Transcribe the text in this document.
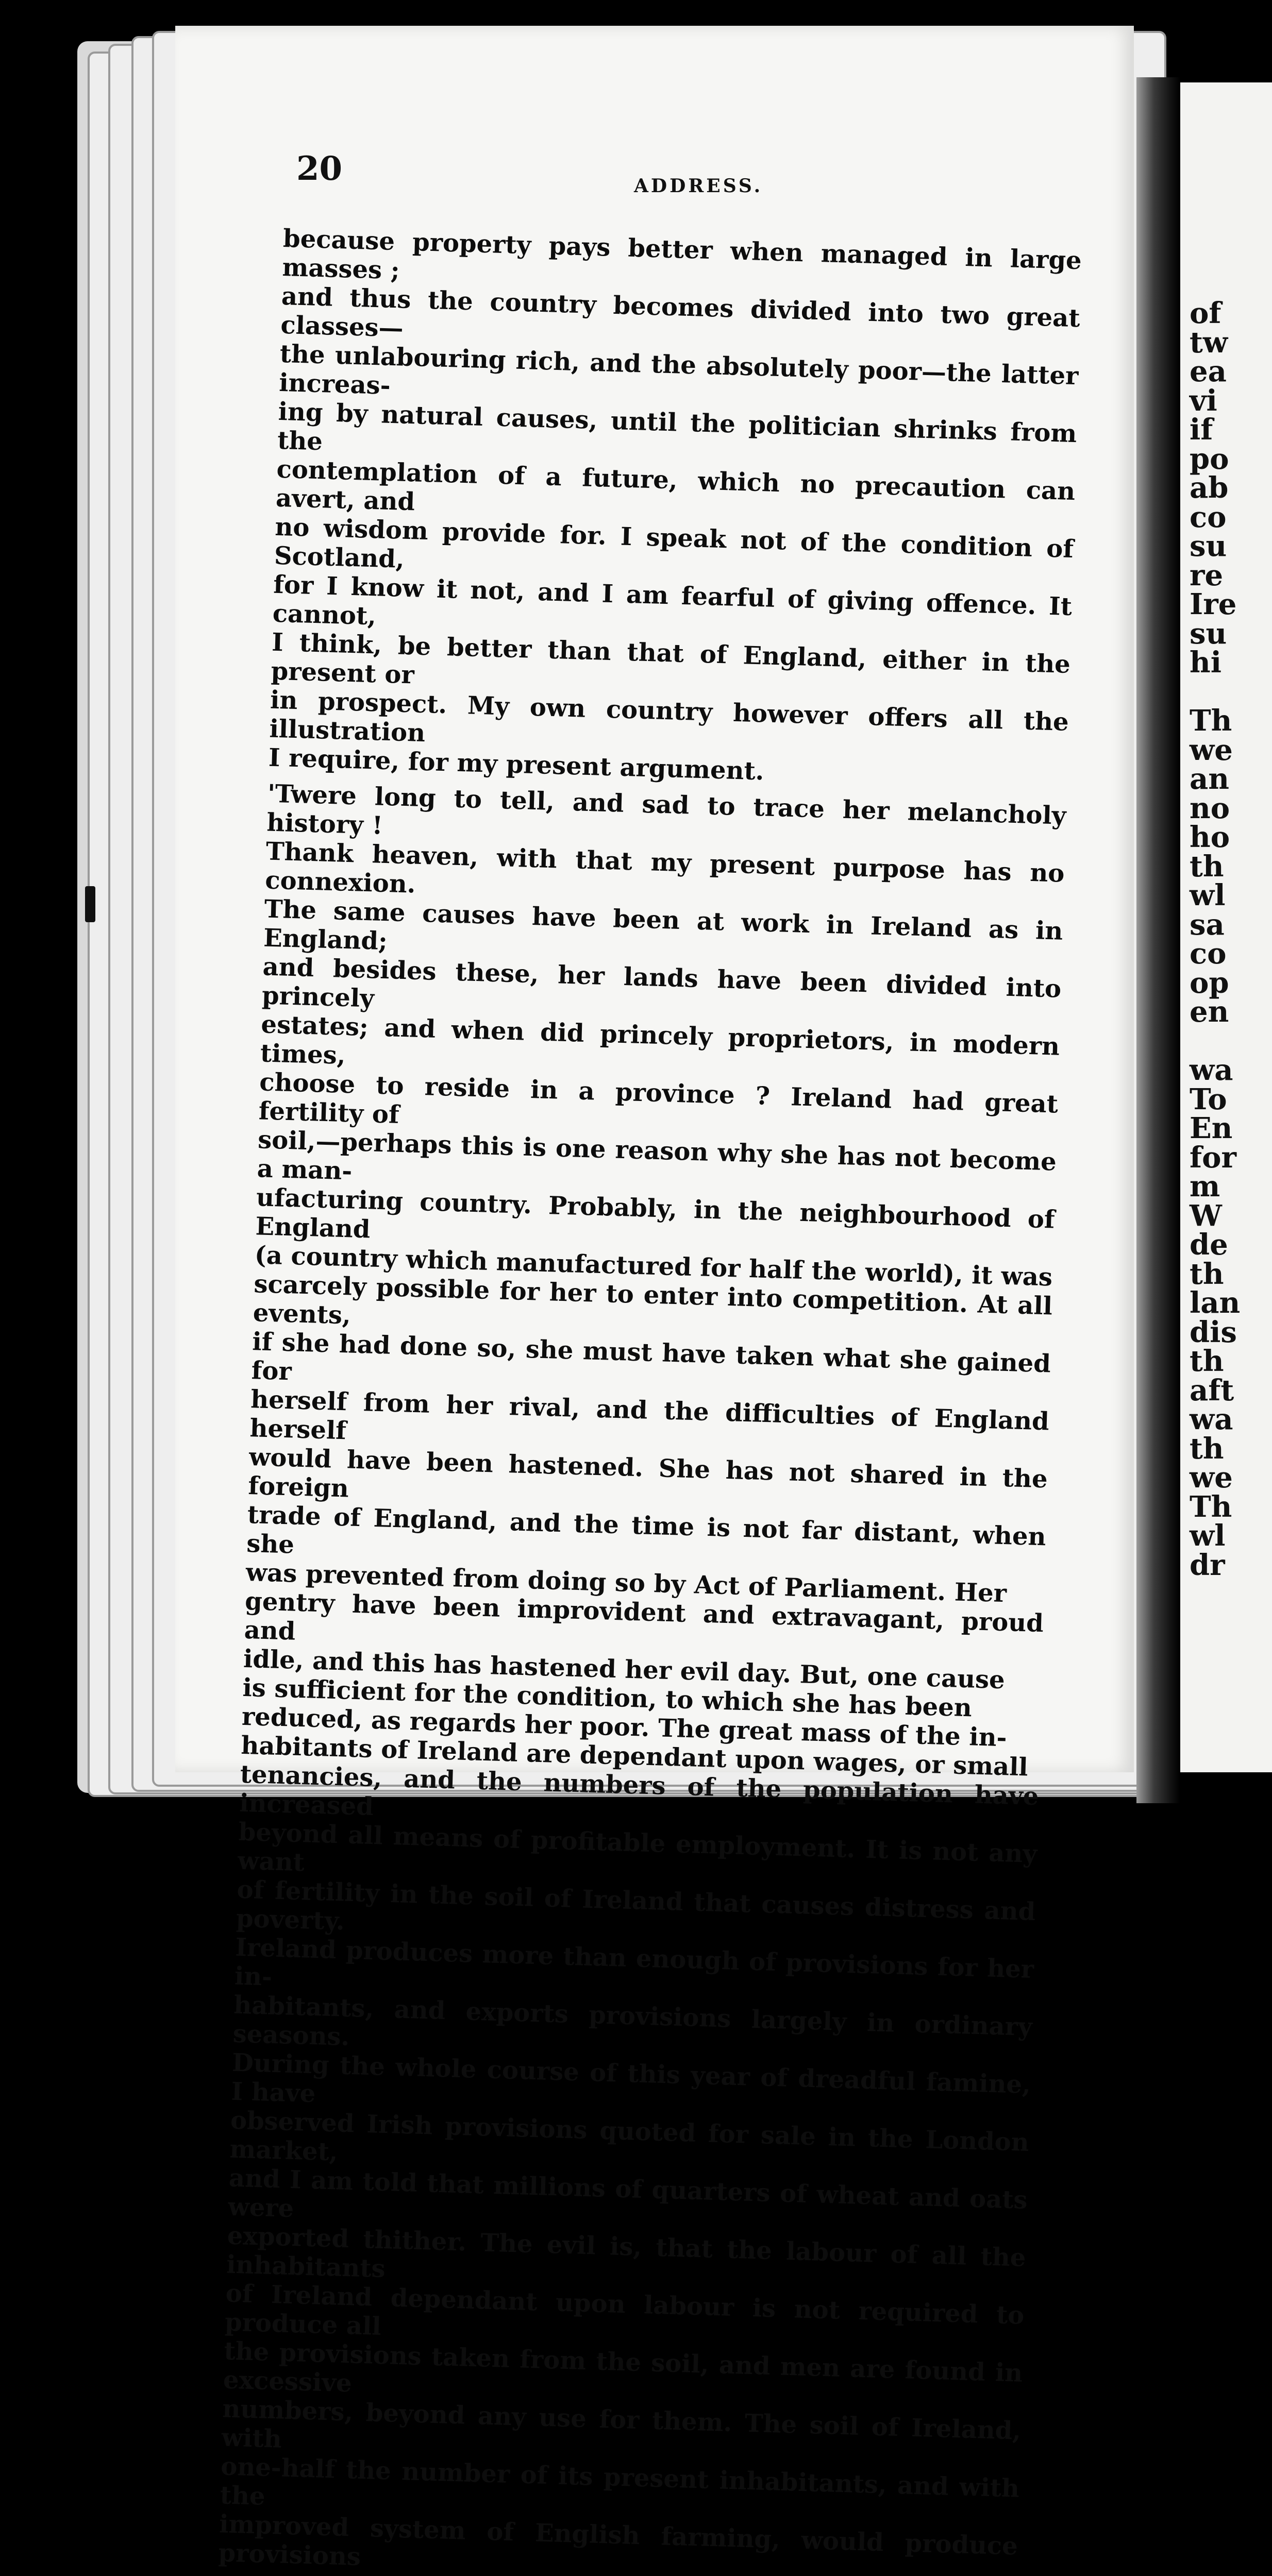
20	ADDRESS.

because property pays better when managed in large masses ;
and thus the country becomes divided into two great classes—
the unlabouring rich, and the absolutely poor—the latter increas-
ing by natural causes, until the politician shrinks from the
contemplation of a future, which no precaution can avert, and
no wisdom provide for. I speak not of the condition of Scotland,
for I know it not, and I am fearful of giving offence. It cannot,
I think, be better than that of England, either in the present or
in prospect. My own country however offers all the illustration
I require, for my present argument.

'Twere long to tell, and sad to trace her melancholy history !
Thank heaven, with that my present purpose has no connexion.
The same causes have been at work in Ireland as in England;
and besides these, her lands have been divided into princely
estates; and when did princely proprietors, in modern times,
choose to reside in a province ? Ireland had great fertility of
soil,—perhaps this is one reason why she has not become a man-
ufacturing country. Probably, in the neighbourhood of England
(a country which manufactured for half the world), it was
scarcely possible for her to enter into competition. At all events,
if she had done so, she must have taken what she gained for
herself from her rival, and the difficulties of England herself
would have been hastened. She has not shared in the foreign
trade of England, and the time is not far distant, when she
was prevented from doing so by Act of Parliament. Her
gentry have been improvident and extravagant, proud and
idle, and this has hastened her evil day. But, one cause
is sufficient for the condition, to which she has been
reduced, as regards her poor. The great mass of the in-
habitants of Ireland are dependant upon wages, or small
tenancies, and the numbers of the population have increased
beyond all means of profitable employment. It is not any want
of fertility in the soil of Ireland that causes distress and poverty.
Ireland produces more than enough of provisions for her in-
habitants, and exports provisions largely in ordinary seasons.
During the whole course of this year of dreadful famine, I have
observed Irish provisions quoted for sale in the London market,
and I am told that millions of quarters of wheat and oats were
exported thither. The evil is, that the labour of all the inhabitants
of Ireland dependant upon labour is not required to produce all
the provisions taken from the soil, and men are found in excessive
numbers, beyond any use for them. The soil of Ireland, with
one-half the number of its present inhabitants, and with the
improved system of English farming, would produce provisions

of
tw
ea
vi
if
po
ab
co
su
re
Ire
su
hi

Th
we
an
no
ho
th
wl
sa
co
op
en

wa
To
En
for
m
W
de
th
lan
dis
th
aft
wa
th
we
Th
wl
dr
